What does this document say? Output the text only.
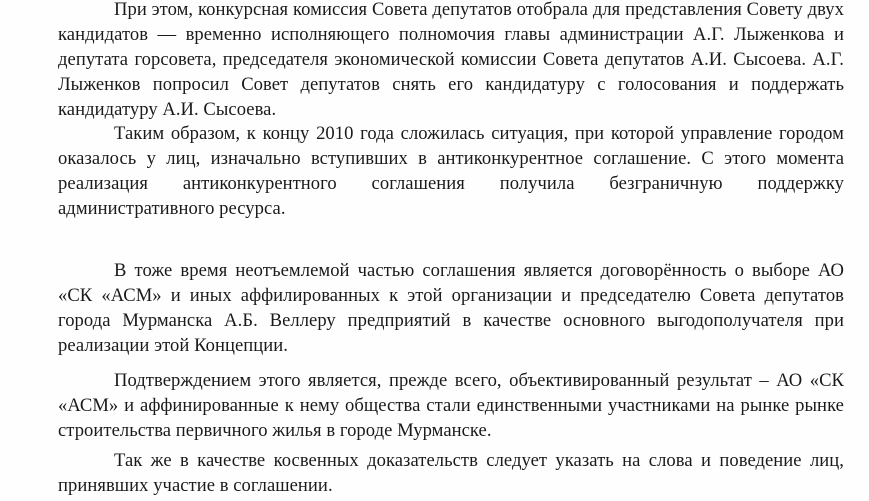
При этом, конкурсная комиссия Совета депутатов отобрала для представления Совету двух кандидатов — временно исполняющего полномочия главы администрации А.Г. Лыженкова и депутата горсовета, председателя экономической комиссии Совета депутатов А.И. Сысоева. А.Г. Лыженков попросил Совет депутатов снять его кандидатуру с голосования и поддержать кандидатуру А.И. Сысоева.

Таким образом, к концу 2010 года сложилась ситуация, при которой управление городом оказалось у лиц, изначально вступивших в антиконкурентное соглашение. С этого момента реализация антиконкурентного соглашения получила безграничную поддержку административного ресурса.

В тоже время неотъемлемой частью соглашения является договорённость о выборе АО «СК «АСМ» и иных аффилированных к этой организации и председателю Совета депутатов города Мурманска А.Б. Веллеру предприятий в качестве основного выгодополучателя при реализации этой Концепции.

Подтверждением этого является, прежде всего, объективированный результат – АО «СК «АСМ» и аффинированные к нему общества стали единственными участниками на рынке рынке строительства первичного жилья в городе Мурманске.

Так же в качестве косвенных доказательств следует указать на слова и поведение лиц, принявших участие в соглашении.
